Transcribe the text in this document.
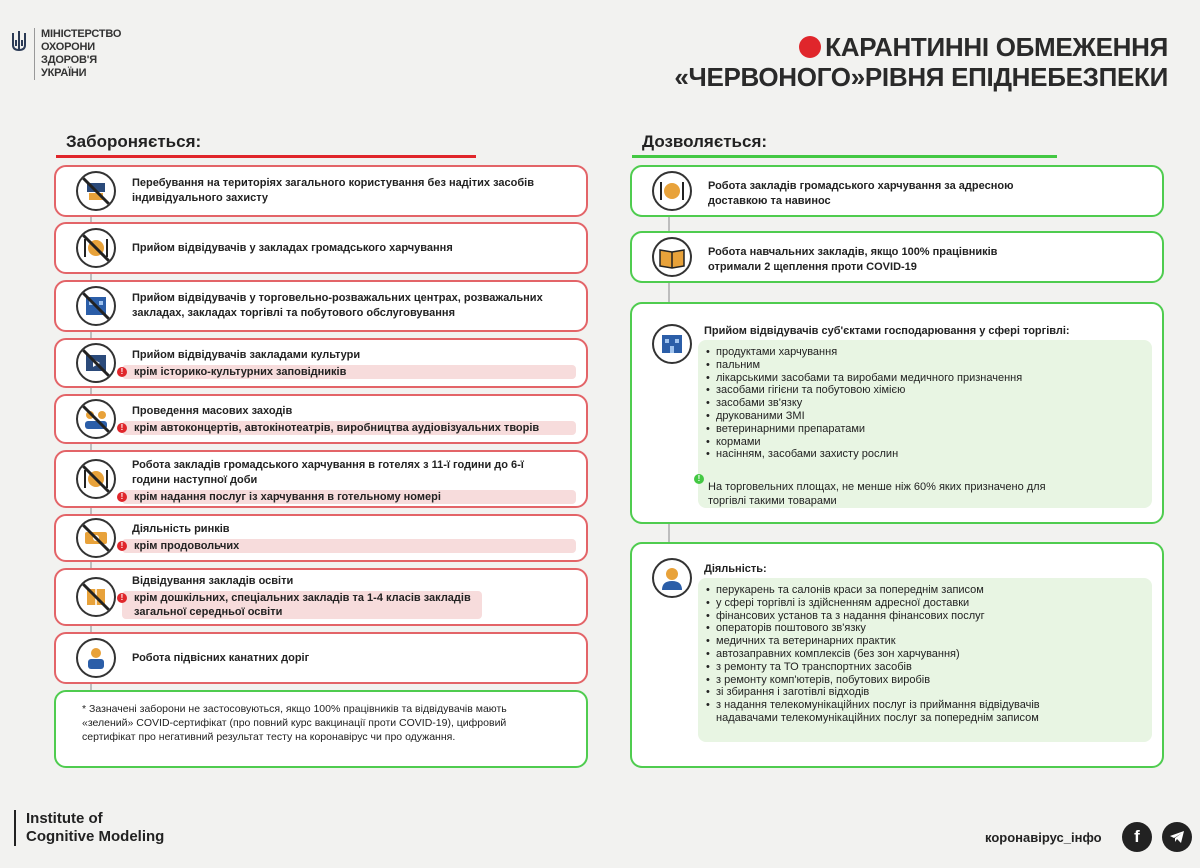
МІНІСТЕРСТВО
ОХОРОНИ
ЗДОРОВ'Я
УКРАЇНИ
КАРАНТИННІ ОБМЕЖЕННЯ
«ЧЕРВОНОГО»РІВНЯ ЕПІДНЕБЕЗПЕКИ
Забороняється:	Дозволяється:
Перебування на територіях загального користування без надітих засобів індивідуального захисту
Прийом відвідувачів у закладах громадського харчування
Прийом відвідувачів у торговельно-розважальних центрах, розважальних закладах, закладах торгівлі та побутового обслуговування
Прийом відвідувачів закладами культури
! крім історико-культурних заповідників
Проведення масових заходів
! крім автоконцертів, автокінотеатрів, виробництва аудіовізуальних творів
Робота закладів громадського харчування в готелях з 11-ї години до 6-ї години наступної доби
! крім надання послуг із харчування в готельному номері
Діяльність ринків
! крім продовольчих
Відвідування закладів освіти
! крім дошкільних, спеціальних закладів та 1-4 класів закладів загальної середньої освіти
Робота підвісних канатних доріг
* Зазначені заборони не застосовуються, якщо 100% працівників та відвідувачів мають «зелений» COVID-сертифікат (про повний курс вакцинації проти COVID-19), цифровий сертифікат про негативний результат тесту на коронавірус чи про одужання.
Робота закладів громадського харчування за адресною доставкою та навинос
Робота навчальних закладів, якщо 100% працівників отримали 2 щеплення проти COVID-19
Прийом відвідувачів суб'єктами господарювання у сфері торгівлі:
• продуктами харчування
• пальним
• лікарськими засобами та виробами медичного призначення
• засобами гігієни та побутовою хімією
• засобами зв'язку
• друкованими ЗМІ
• ветеринарними препаратами
• кормами
• насінням, засобами захисту рослин
!
На торговельних площах, не менше ніж 60% яких призначено для торгівлі такими товарами
Діяльність:
• перукарень та салонів краси за попереднім записом
• у сфері торгівлі із здійсненням адресної доставки
• фінансових установ та з надання фінансових послуг
• операторів поштового зв'язку
• медичних та ветеринарних практик
• автозаправних комплексів (без зон харчування)
• з ремонту та ТО транспортних засобів
• з ремонту комп'ютерів, побутових виробів
• зі збирання і заготівлі відходів
• з надання телекомунікаційних послуг із приймання відвідувачів надавачами телекомунікаційних послуг за попереднім записом
Institute of
Cognitive Modeling	коронавірус_інфо	f
